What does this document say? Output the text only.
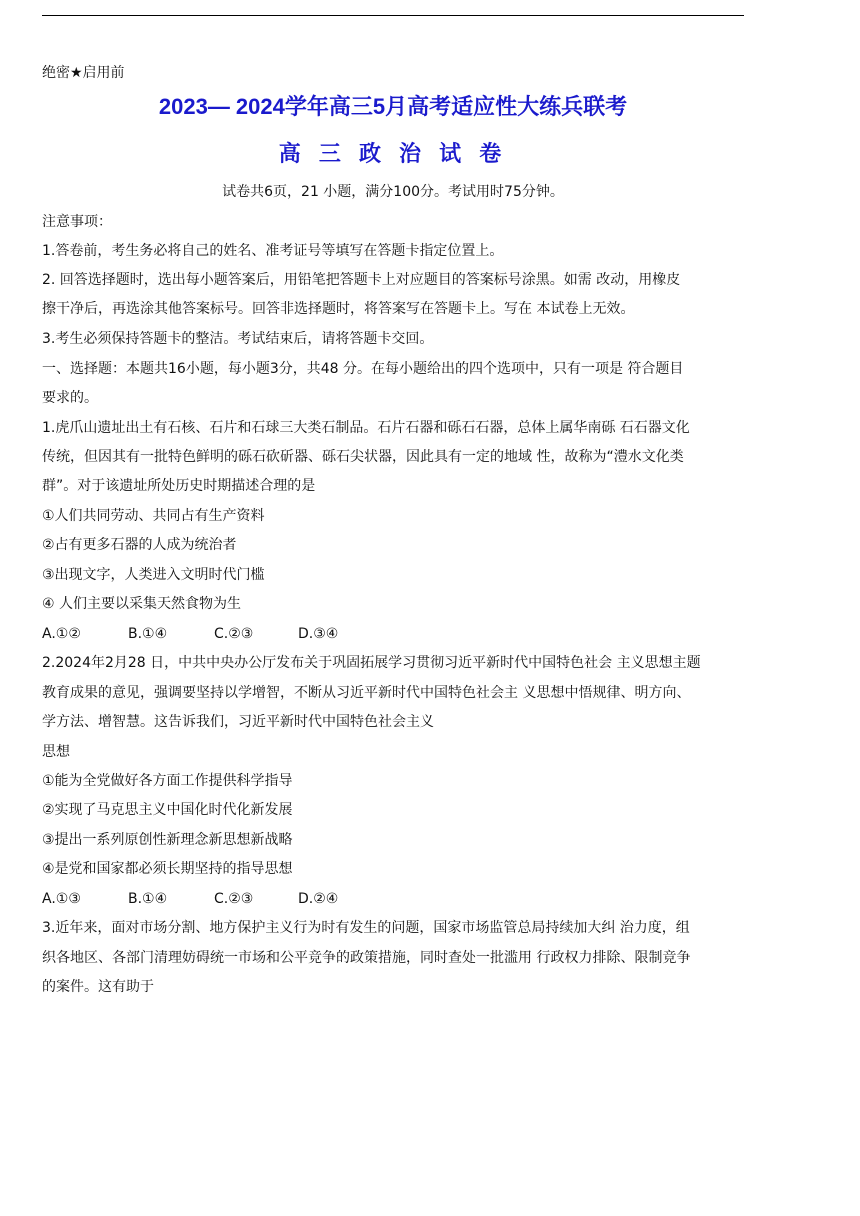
绝密★启用前
2023— 2024学年高三5月高考适应性大练兵联考
高 三 政 治 试 卷
试卷共6页，21 小题，满分100分。考试用时75分钟。
注意事项：
1.答卷前，考生务必将自己的姓名、准考证号等填写在答题卡指定位置上。
2. 回答选择题时，选出每小题答案后，用铅笔把答题卡上对应题目的答案标号涂黑。如需 改动，用橡皮
擦干净后，再选涂其他答案标号。回答非选择题时，将答案写在答题卡上。写在 本试卷上无效。
3.考生必须保持答题卡的整洁。考试结束后，请将答题卡交回。
一、选择题：本题共16小题，每小题3分，共48 分。在每小题给出的四个选项中，只有一项是 符合题目
要求的。
1.虎爪山遗址出土有石核、石片和石球三大类石制品。石片石器和砾石石器，总体上属华南砾 石石器文化
传统，但因其有一批特色鲜明的砾石砍斫器、砾石尖状器，因此具有一定的地域 性，故称为“澧水文化类
群”。对于该遗址所处历史时期描述合理的是
①人们共同劳动、共同占有生产资料
②占有更多石器的人成为统治者
③出现文字，人类进入文明时代门槛
④ 人们主要以采集天然食物为生
A.①②	B.①④	C.②③	D.③④
2.2024年2月28 日，中共中央办公厅发布关于巩固拓展学习贯彻习近平新时代中国特色社会 主义思想主题
教育成果的意见，强调要坚持以学增智，不断从习近平新时代中国特色社会主 义思想中悟规律、明方向、
学方法、增智慧。这告诉我们，习近平新时代中国特色社会主义
思想
①能为全党做好各方面工作提供科学指导
②实现了马克思主义中国化时代化新发展
③提出一系列原创性新理念新思想新战略
④是党和国家都必须长期坚持的指导思想
A.①③	B.①④	C.②③	D.②④
3.近年来，面对市场分割、地方保护主义行为时有发生的问题，国家市场监管总局持续加大纠 治力度，组
织各地区、各部门清理妨碍统一市场和公平竞争的政策措施，同时查处一批滥用 行政权力排除、限制竞争
的案件。这有助于
